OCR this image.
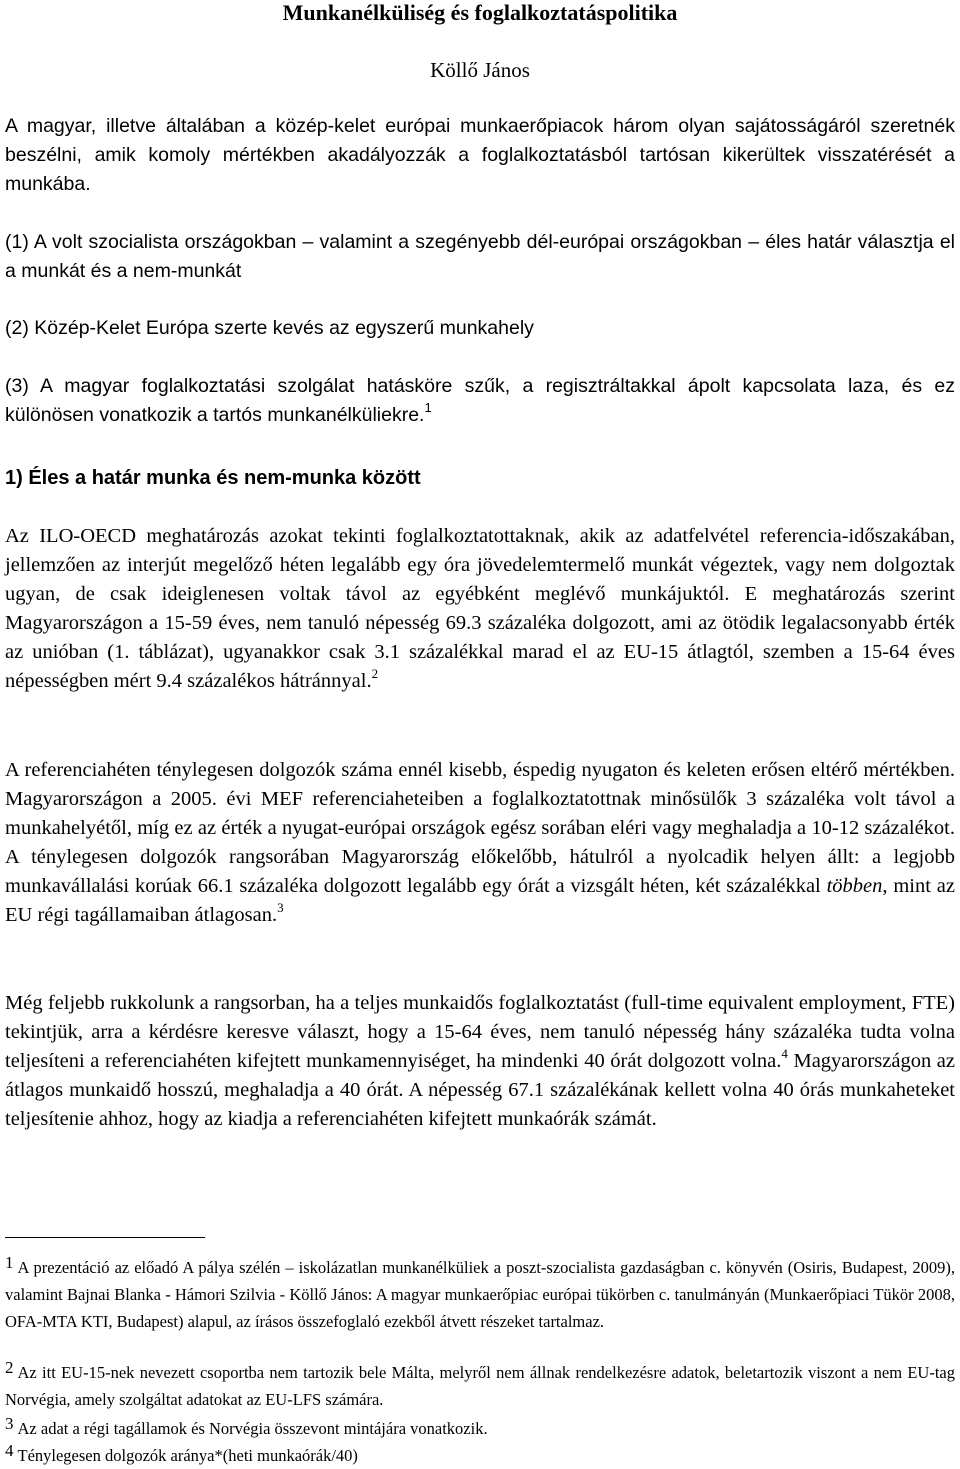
Munkanélküliség és foglalkoztatáspolitika
Köllő János

A magyar, illetve általában a közép-kelet európai munkaerőpiacok három olyan sajátosságáról szeretnék beszélni, amik komoly mértékben akadályozzák a foglalkoztatásból tartósan kikerültek visszatérését a munkába.

(1) A volt szocialista országokban – valamint a szegényebb dél-európai országokban – éles határ választja el a munkát és a nem-munkát

(2) Közép-Kelet Európa szerte kevés az egyszerű munkahely

(3) A magyar foglalkoztatási szolgálat hatásköre szűk, a regisztráltakkal ápolt kapcsolata laza, és ez különösen vonatkozik a tartós munkanélküliekre.$^1$

1) Éles a határ munka és nem-munka között

Az ILO-OECD meghatározás azokat tekinti foglalkoztatottaknak, akik az adatfelvétel referencia-időszakában, jellemzően az interjút megelőző héten legalább egy óra jövedelemtermelő munkát végeztek, vagy nem dolgoztak ugyan, de csak ideiglenesen voltak távol az egyébként meglévő munkájuktól. E meghatározás szerint Magyarországon a 15-59 éves, nem tanuló népesség 69.3 százaléka dolgozott, ami az ötödik legalacsonyabb érték az unióban (1. táblázat), ugyanakkor csak 3.1 százalékkal marad el az EU-15 átlagtól, szemben a 15-64 éves népességben mért 9.4 százalékos hátránnyal.$^2$

A referenciahéten ténylegesen dolgozók száma ennél kisebb, éspedig nyugaton és keleten erősen eltérő mértékben. Magyarországon a 2005. évi MEF referenciaheteiben a foglalkoztatottnak minősülők 3 százaléka volt távol a munkahelyétől, míg ez az érték a nyugat-európai országok egész sorában eléri vagy meghaladja a 10-12 százalékot. A ténylegesen dolgozók rangsorában Magyarország előkelőbb, hátulról a nyolcadik helyen állt: a legjobb munkavállalási korúak 66.1 százaléka dolgozott legalább egy órát a vizsgált héten, két százalékkal többen, mint az EU régi tagállamaiban átlagosan.$^3$

Még feljebb rukkolunk a rangsorban, ha a teljes munkaidős foglalkoztatást (full-time equivalent employment, FTE) tekintjük, arra a kérdésre keresve választ, hogy a 15-64 éves, nem tanuló népesség hány százaléka tudta volna teljesíteni a referenciahéten kifejtett munkamennyiséget, ha mindenki 40 órát dolgozott volna.$^4$ Magyarországon az átlagos munkaidő hosszú, meghaladja a 40 órát. A népesség 67.1 százalékának kellett volna 40 órás munkaheteket teljesítenie ahhoz, hogy az kiadja a referenciahéten kifejtett munkaórák számát.

1 A prezentáció az előadó A pálya szélén – iskolázatlan munkanélküliek a poszt-szocialista gazdaságban c. könyvén (Osiris, Budapest, 2009), valamint Bajnai Blanka - Hámori Szilvia - Köllő János: A magyar munkaerőpiac európai tükörben c. tanulmányán (Munkaerőpiaci Tükör 2008, OFA-MTA KTI, Budapest) alapul, az írásos összefoglaló ezekből átvett részeket tartalmaz.

2 Az itt EU-15-nek nevezett csoportba nem tartozik bele Málta, melyről nem állnak rendelkezésre adatok, beletartozik viszont a nem EU-tag Norvégia, amely szolgáltat adatokat az EU-LFS számára.

3 Az adat a régi tagállamok és Norvégia összevont mintájára vonatkozik.

4 Ténylegesen dolgozók aránya*(heti munkaórák/40)
